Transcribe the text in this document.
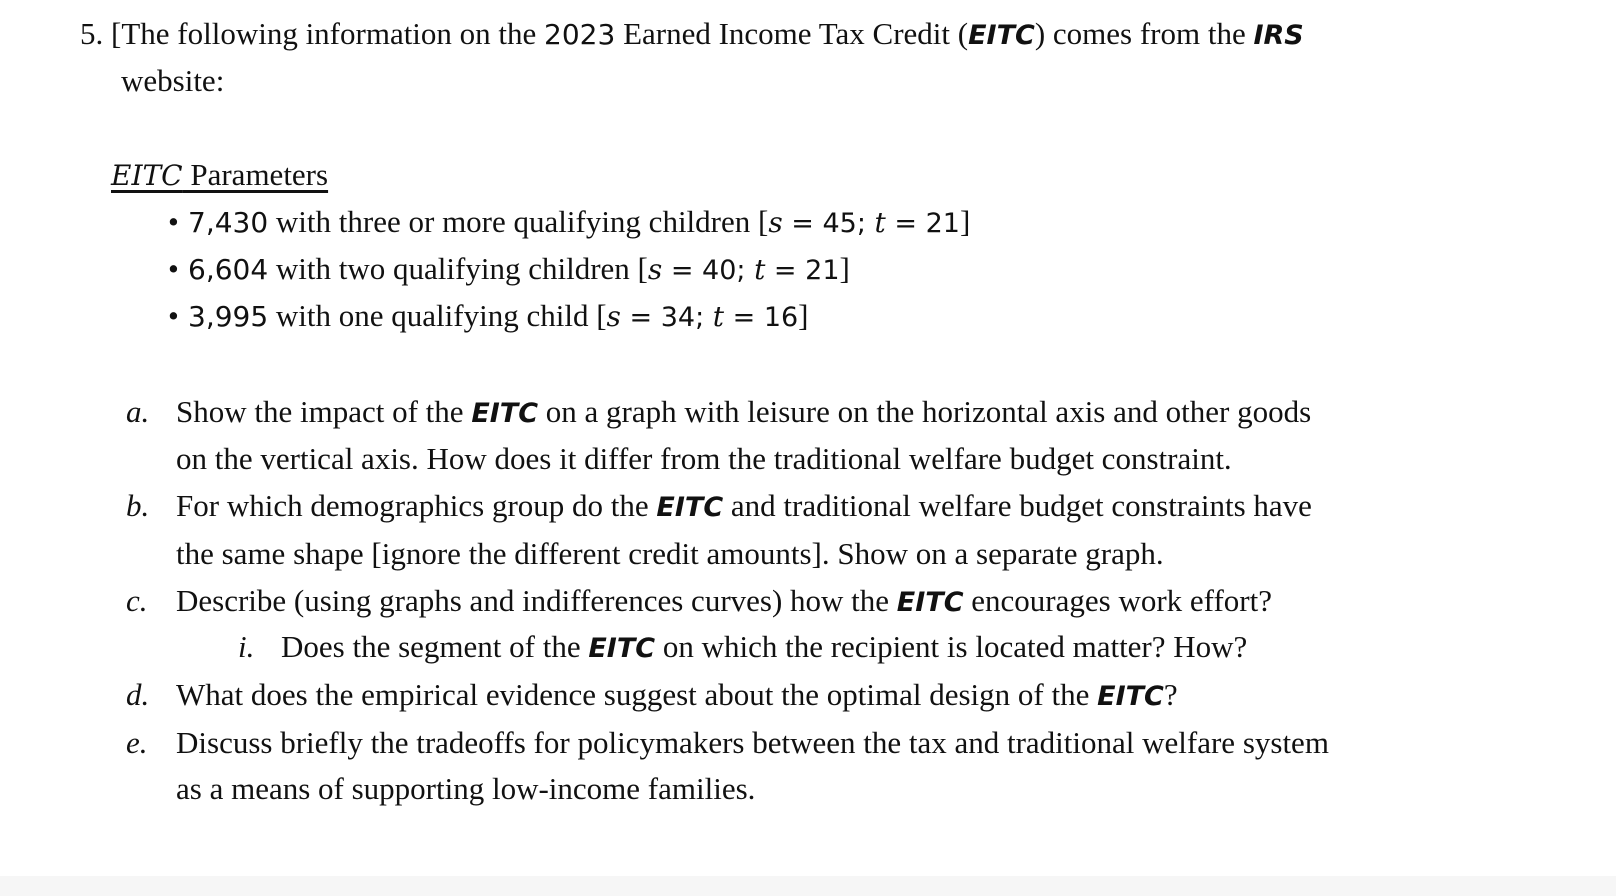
5. [The following information on the 2023 Earned Income Tax Credit (EITC) comes from the IRS
website:
EITC Parameters
• 7,430 with three or more qualifying children [s = 45; t = 21]
• 6,604 with two qualifying children [s = 40; t = 21]
• 3,995 with one qualifying child [s = 34; t = 16]
a. Show the impact of the EITC on a graph with leisure on the horizontal axis and other goods
on the vertical axis. How does it differ from the traditional welfare budget constraint.
b. For which demographics group do the EITC and traditional welfare budget constraints have
the same shape [ignore the different credit amounts]. Show on a separate graph.
c. Describe (using graphs and indifferences curves) how the EITC encourages work effort?
i. Does the segment of the EITC on which the recipient is located matter? How?
d. What does the empirical evidence suggest about the optimal design of the EITC?
e. Discuss briefly the tradeoffs for policymakers between the tax and traditional welfare system
as a means of supporting low-income families.
